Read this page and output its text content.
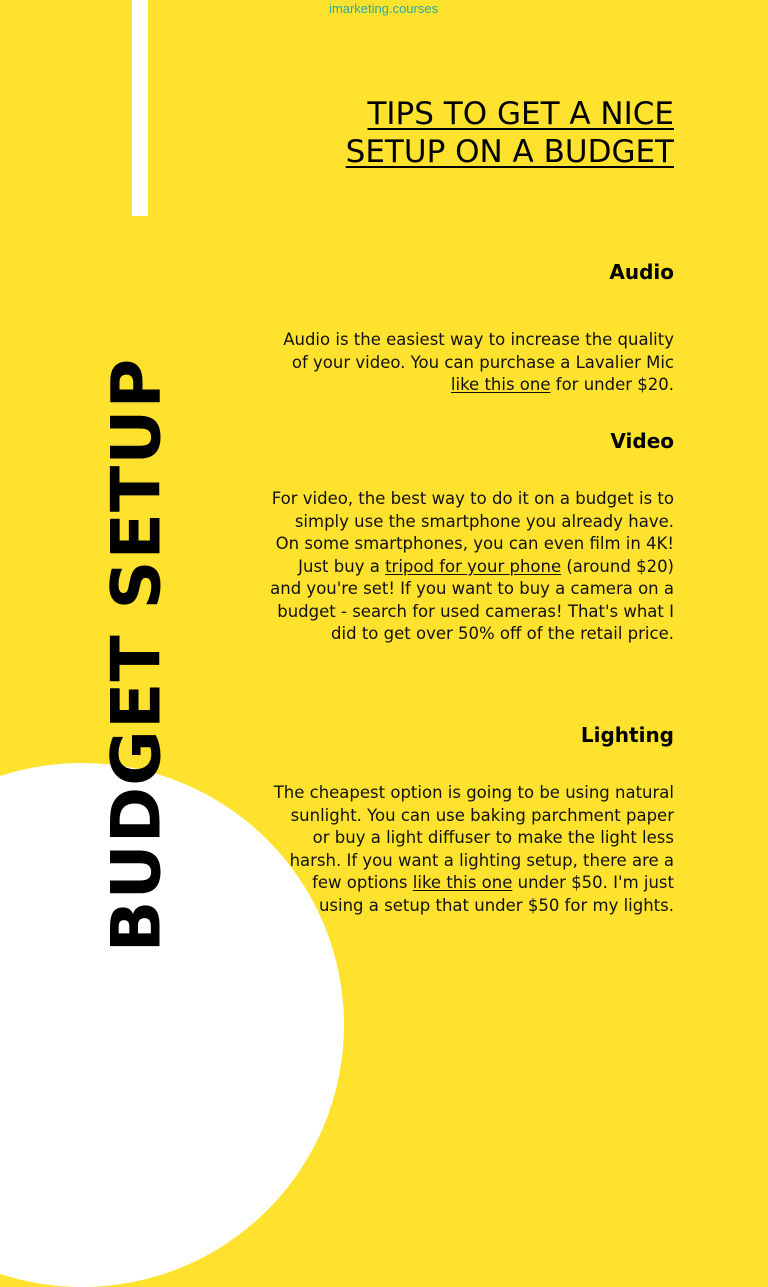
imarketing.courses
BUDGET SETUP
TIPS TO GET A NICE
SETUP ON A BUDGET
Audio

Audio is the easiest way to increase the quality of your video. You can purchase a Lavalier Mic like this one for under $20.

Video

For video, the best way to do it on a budget is to simply use the smartphone you already have. On some smartphones, you can even film in 4K! Just buy a tripod for your phone (around $20) and you're set! If you want to buy a camera on a budget - search for used cameras! That's what I did to get over 50% off of the retail price.

Lighting

The cheapest option is going to be using natural sunlight. You can use baking parchment paper or buy a light diffuser to make the light less harsh. If you want a lighting setup, there are a few options like this one under $50. I'm just using a setup that under $50 for my lights.
